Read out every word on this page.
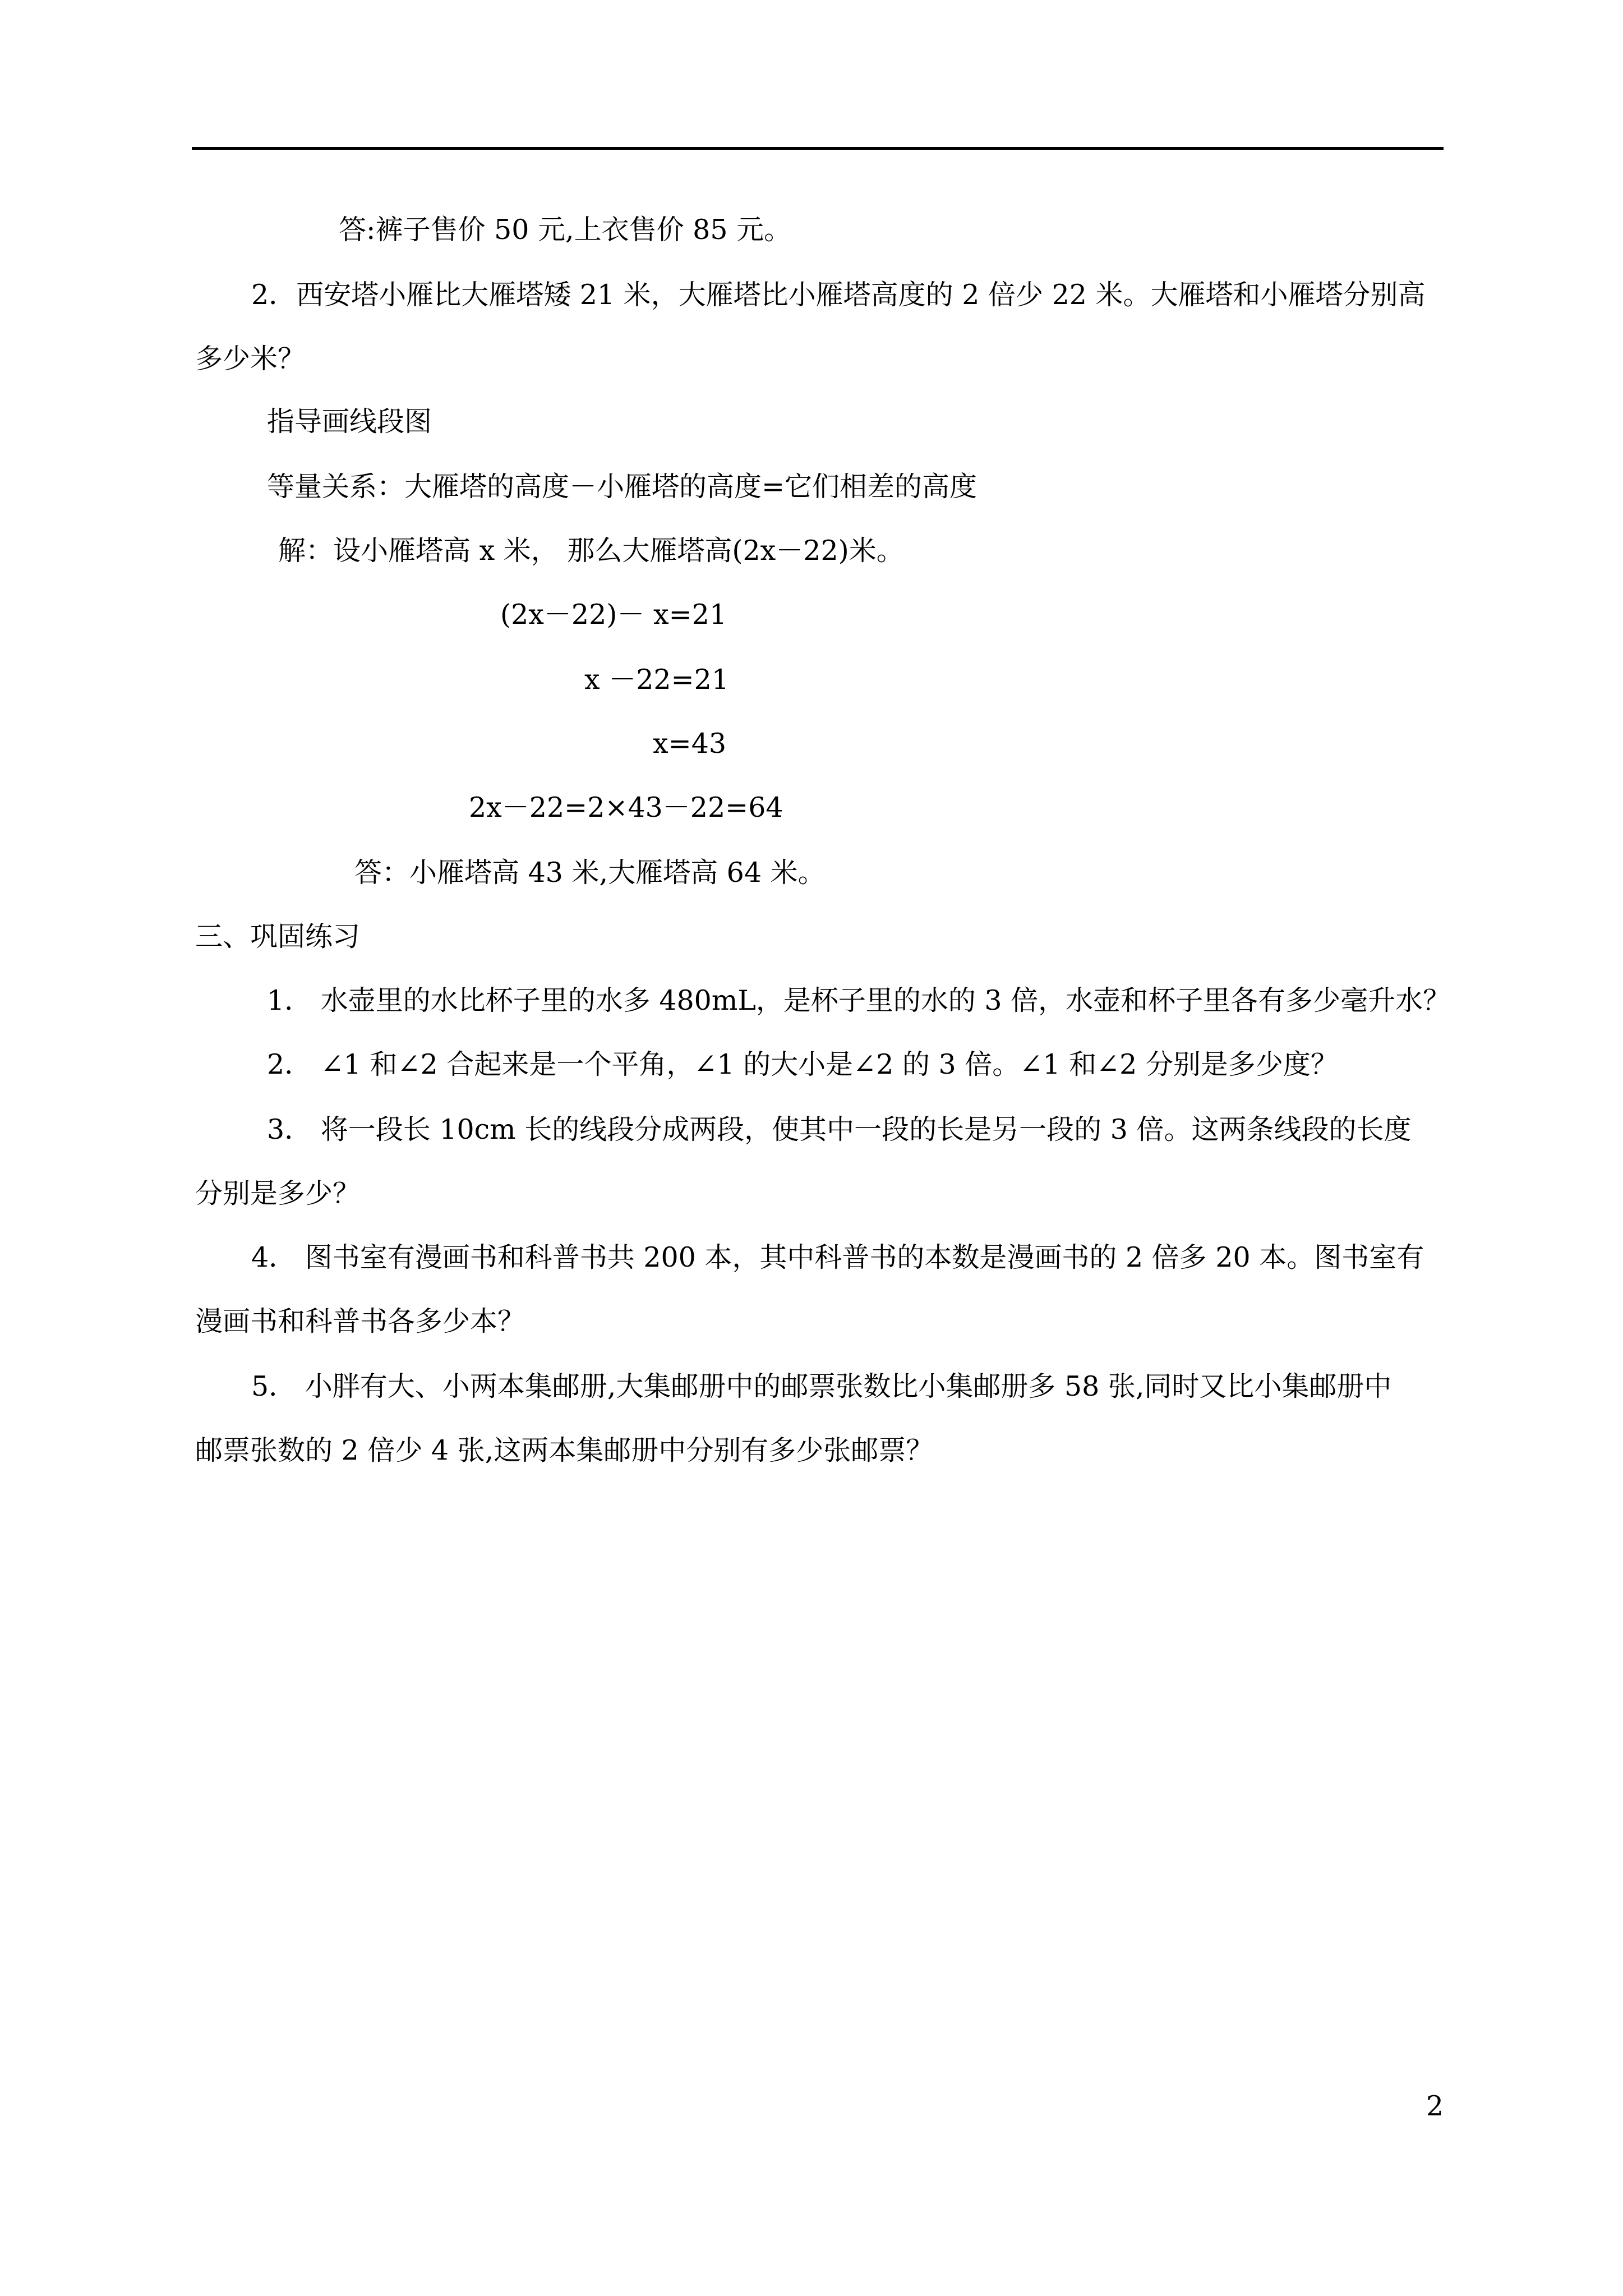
答:裤子售价 50 元,上衣售价 85 元。
2．西安塔小雁比大雁塔矮 21 米，大雁塔比小雁塔高度的 2 倍少 22 米。大雁塔和小雁塔分别高
多少米？
指导画线段图
等量关系：大雁塔的高度－小雁塔的高度=它们相差的高度
解：设小雁塔高 x 米， 那么大雁塔高(2x－22)米。
(2x－22)－ x=21
x －22=21
x=43
2x－22=2×43－22=64
答：小雁塔高 43 米,大雁塔高 64 米。
三、巩固练习
1． 水壶里的水比杯子里的水多 480mL，是杯子里的水的 3 倍，水壶和杯子里各有多少毫升水？
2． ∠1 和∠2 合起来是一个平角，∠1 的大小是∠2 的 3 倍。∠1 和∠2 分别是多少度？
3． 将一段长 10cm 长的线段分成两段，使其中一段的长是另一段的 3 倍。这两条线段的长度
分别是多少？
4． 图书室有漫画书和科普书共 200 本，其中科普书的本数是漫画书的 2 倍多 20 本。图书室有
漫画书和科普书各多少本？
5． 小胖有大、小两本集邮册,大集邮册中的邮票张数比小集邮册多 58 张,同时又比小集邮册中
邮票张数的 2 倍少 4 张,这两本集邮册中分别有多少张邮票？
2
